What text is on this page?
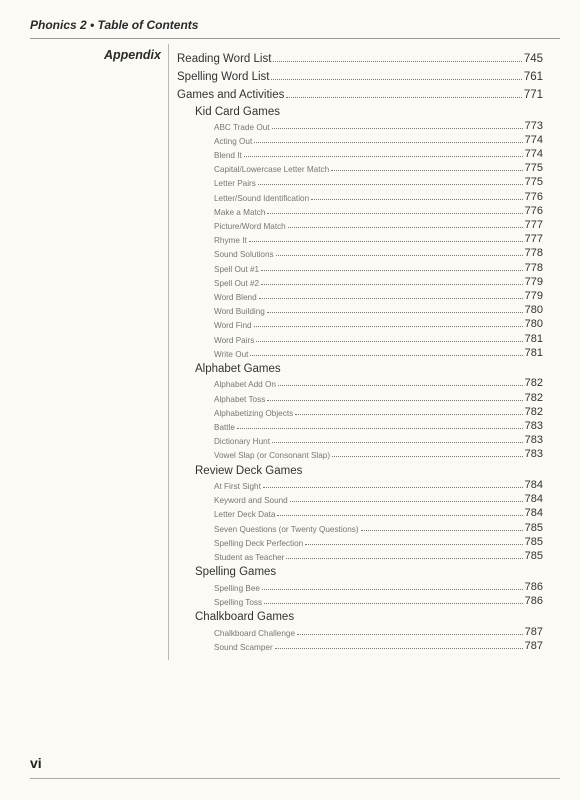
Phonics 2 • Table of Contents
Appendix Reading Word List	745
Spelling Word List	761
Games and Activities	771
Kid Card Games
ABC Trade Out	773
Acting Out	774
Blend It	774
Capital/Lowercase Letter Match	775
Letter Pairs	775
Letter/Sound Identification	776
Make a Match	776
Picture/Word Match	777
Rhyme It	777
Sound Solutions	778
Spell Out #1	778
Spell Out #2	779
Word Blend	779
Word Building	780
Word Find	780
Word Pairs	781
Write Out	781
Alphabet Games
Alphabet Add On	782
Alphabet Toss	782
Alphabetizing Objects	782
Battle	783
Dictionary Hunt	783
Vowel Slap (or Consonant Slap)	783
Review Deck Games
At First Sight	784
Keyword and Sound	784
Letter Deck Data	784
Seven Questions (or Twenty Questions)	785
Spelling Deck Perfection	785
Student as Teacher	785
Spelling Games
Spelling Bee	786
Spelling Toss	786
Chalkboard Games
Chalkboard Challenge	787
Sound Scamper	787
vi
